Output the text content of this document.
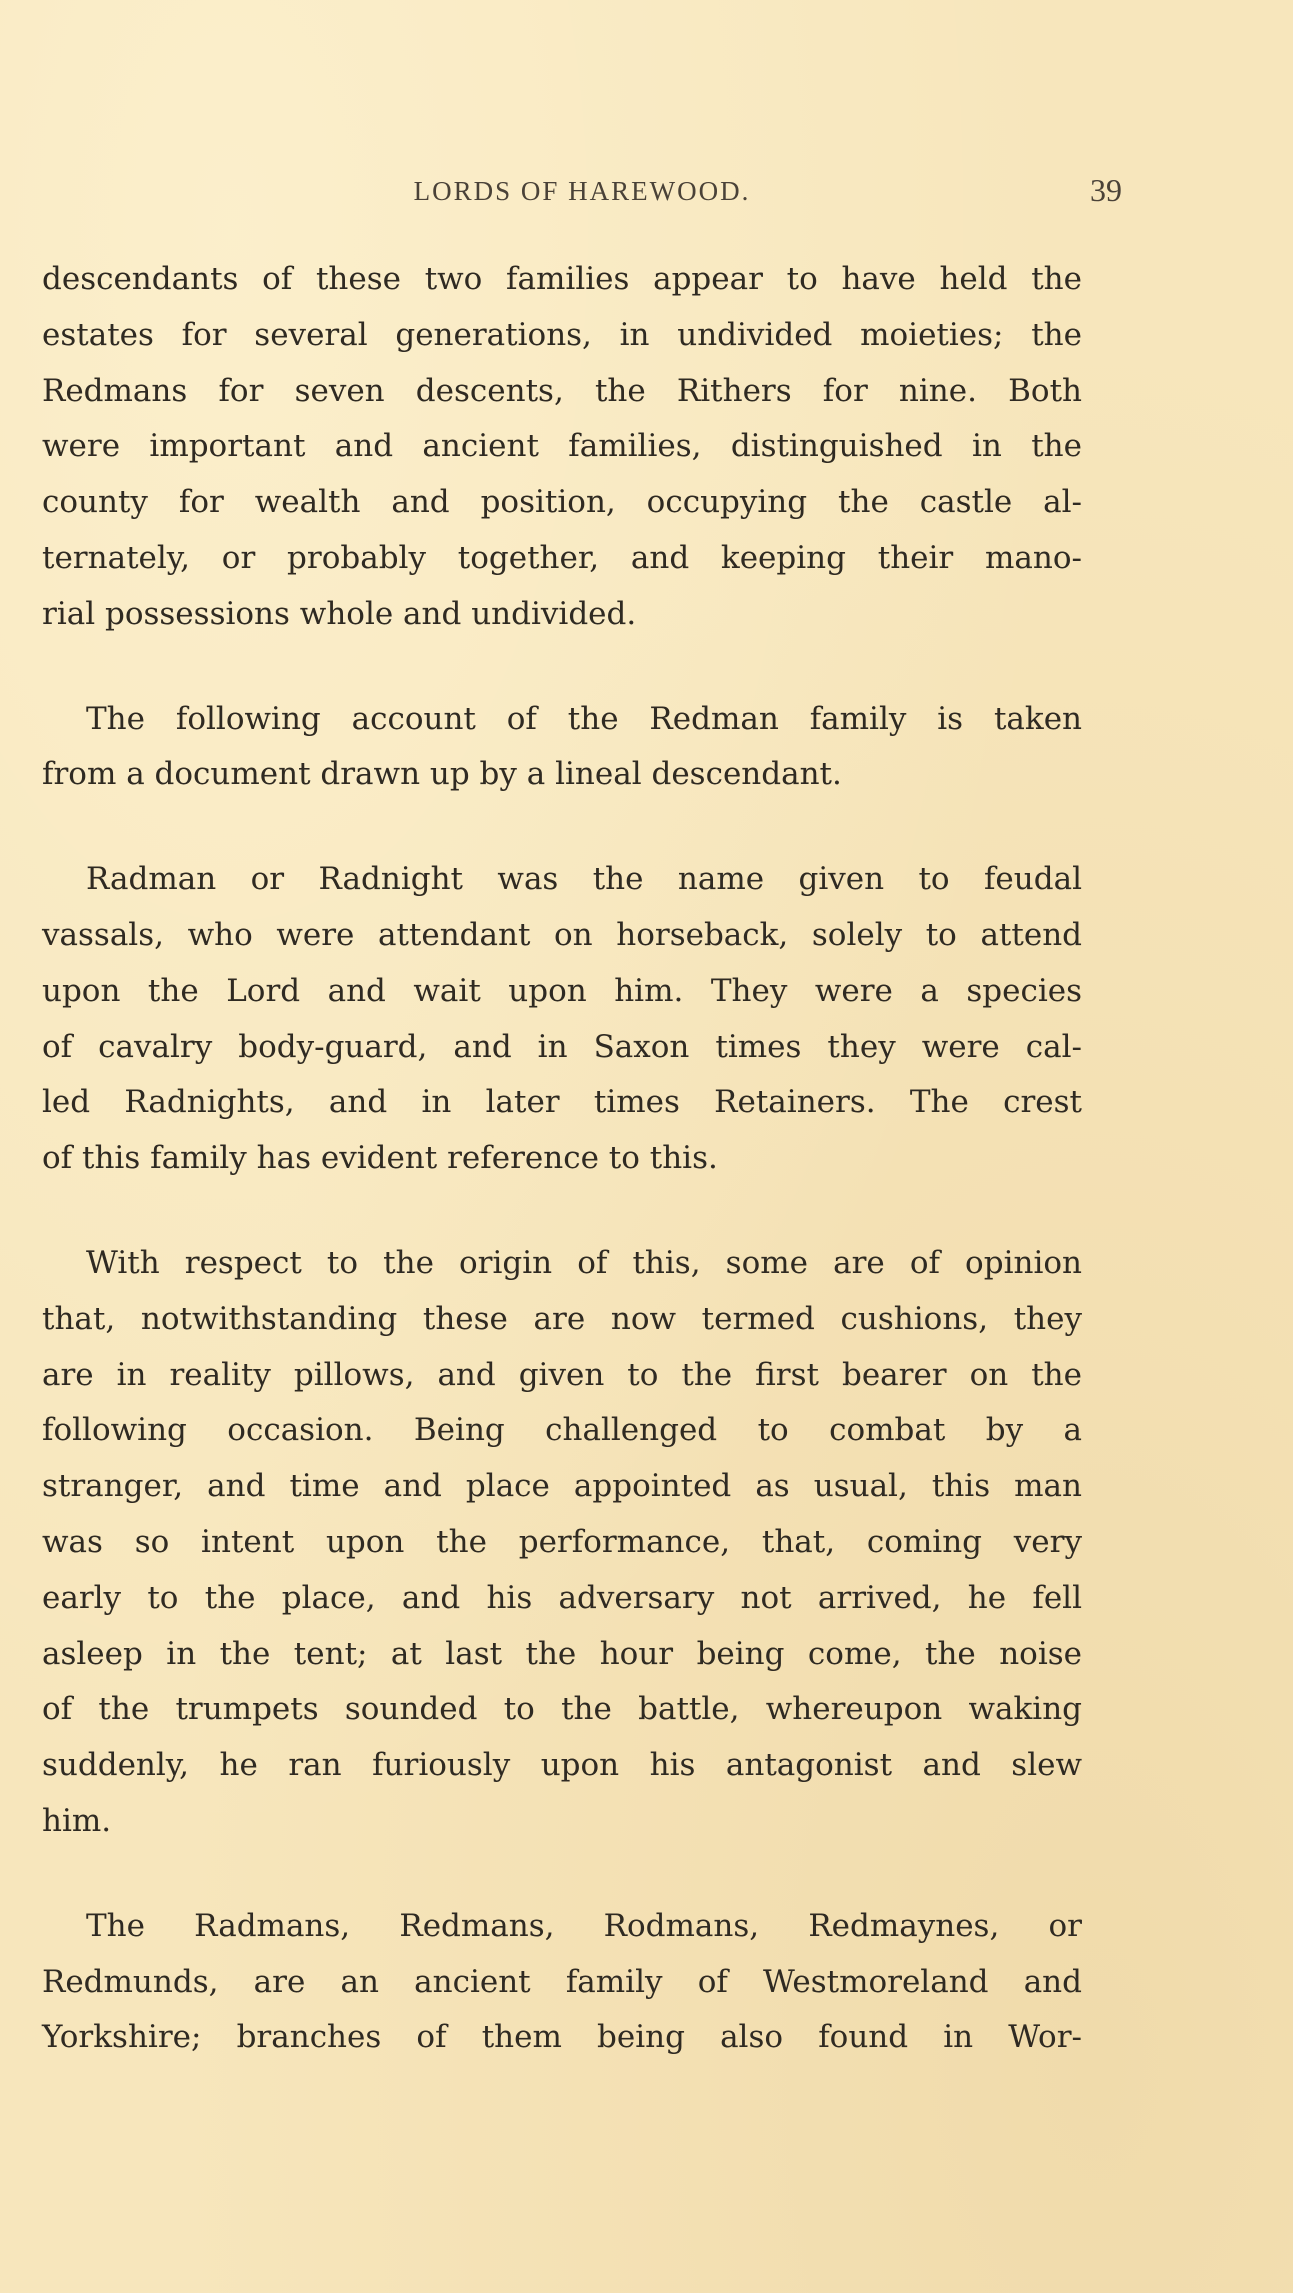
LORDS OF HAREWOOD.	39
descendants of these two families appear to have held the
estates for several generations, in undivided moieties; the
Redmans for seven descents, the Rithers for nine. Both
were important and ancient families, distinguished in the
county for wealth and position, occupying the castle al-
ternately, or probably together, and keeping their mano-
rial possessions whole and undivided.
The following account of the Redman family is taken
from a document drawn up by a lineal descendant.
Radman or Radnight was the name given to feudal
vassals, who were attendant on horseback, solely to attend
upon the Lord and wait upon him. They were a species
of cavalry body-guard, and in Saxon times they were cal-
led Radnights, and in later times Retainers. The crest
of this family has evident reference to this.
With respect to the origin of this, some are of opinion
that, notwithstanding these are now termed cushions, they
are in reality pillows, and given to the first bearer on the
following occasion. Being challenged to combat by a
stranger, and time and place appointed as usual, this man
was so intent upon the performance, that, coming very
early to the place, and his adversary not arrived, he fell
asleep in the tent; at last the hour being come, the noise
of the trumpets sounded to the battle, whereupon waking
suddenly, he ran furiously upon his antagonist and slew
him.
The Radmans, Redmans, Rodmans, Redmaynes, or
Redmunds, are an ancient family of Westmoreland and
Yorkshire; branches of them being also found in Wor-
